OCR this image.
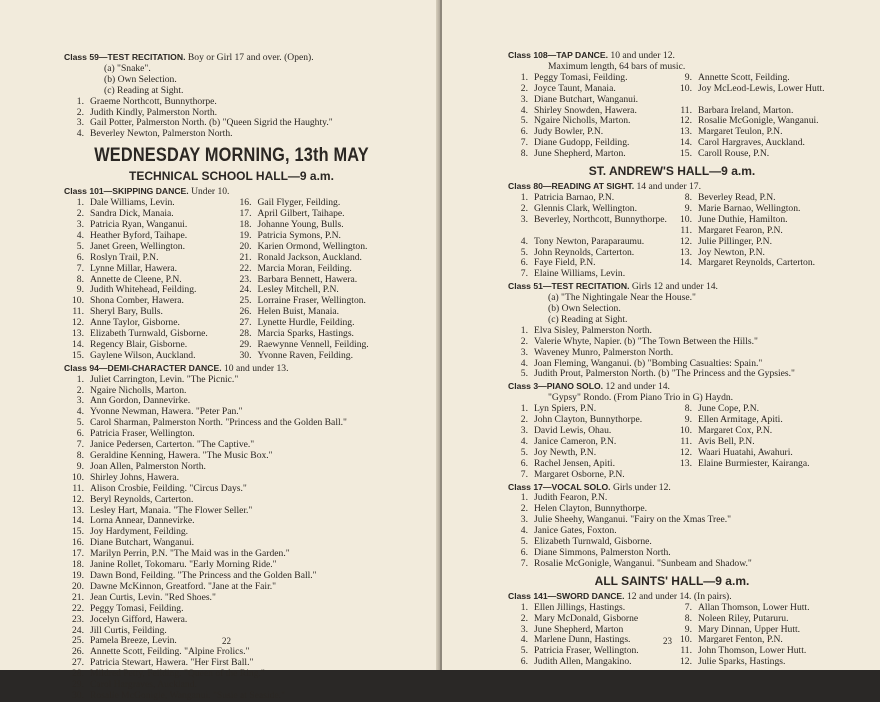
Class 59—TEST RECITATION. Boy or Girl 17 and over. (Open).
(a) "Snake".
(b) Own Selection.
(c) Reading at Sight.
1. Graeme Northcott, Bunnythorpe.
2. Judith Kindly, Palmerston North.
3. Gail Potter, Palmerston North. (b) "Queen Sigrid the Haughty."
4. Beverley Newton, Palmerston North.
WEDNESDAY MORNING, 13th MAY
TECHNICAL SCHOOL HALL—9 a.m.
Class 101—SKIPPING DANCE. Under 10.
1. Dale Williams, Levin.	16. Gail Flyger, Feilding.
2. Sandra Dick, Manaia.	17. April Gilbert, Taihape.
3. Patricia Ryan, Wanganui.	18. Johanne Young, Bulls.
4. Heather Byford, Taihape.	19. Patricia Symons, P.N.
5. Janet Green, Wellington.	20. Karien Ormond, Wellington.
6. Roslyn Trail, P.N.	21. Ronald Jackson, Auckland.
7. Lynne Millar, Hawera.	22. Marcia Moran, Feilding.
8. Annette de Cleene, P.N.	23. Barbara Bennett, Hawera.
9. Judith Whitehead, Feilding.	24. Lesley Mitchell, P.N.
10. Shona Comber, Hawera.	25. Lorraine Fraser, Wellington.
11. Sheryl Bary, Bulls.	26. Helen Buist, Manaia.
12. Anne Taylor, Gisborne.	27. Lynette Hurdle, Feilding.
13. Elizabeth Turnwald, Gisborne.	28. Marcia Sparks, Hastings.
14. Regency Blair, Gisborne.	29. Raewynne Vennell, Feilding.
15. Gaylene Wilson, Auckland.	30. Yvonne Raven, Feilding.
Class 94—DEMI-CHARACTER DANCE. 10 and under 13.
1. Juliet Carrington, Levin. "The Picnic."
2. Ngaire Nicholls, Marton.
3. Ann Gordon, Dannevirke.
4. Yvonne Newman, Hawera. "Peter Pan."
5. Carol Sharman, Palmerston North. "Princess and the Golden Ball."
6. Patricia Fraser, Wellington.
7. Janice Pedersen, Carterton. "The Captive."
8. Geraldine Kenning, Hawera. "The Music Box."
9. Joan Allen, Palmerston North.
10. Shirley Johns, Hawera.
11. Alison Crosbie, Feilding. "Circus Days."
12. Beryl Reynolds, Carterton.
13. Lesley Hart, Manaia. "The Flower Seller."
14. Lorna Annear, Dannevirke.
15. Joy Hardyment, Feilding.
16. Diane Butchart, Wanganui.
17. Marilyn Perrin, P.N. "The Maid was in the Garden."
18. Janine Rollet, Tokomaru. "Early Morning Ride."
19. Dawn Bond, Feilding. "The Princess and the Golden Ball."
20. Dawne McKinnon, Greatford. "Jane at the Fair."
21. Jean Curtis, Levin. "Red Shoes."
22. Peggy Tomasi, Feilding.
23. Jocelyn Gifford, Hawera.
24. Jill Curtis, Feilding.
25. Pamela Breeze, Levin.
26. Annette Scott, Feilding. "Alpine Frolics."
27. Patricia Stewart, Hawera. "Her First Ball."
28. Mildred Petty, Feilding. "Queen of the Ring."
29. Carol Hargraves, Auckland.
30. Rosalie McGonigle, Wanganui. "Susie at Seaside."
22
Class 108—TAP DANCE. 10 and under 12.
Maximum length, 64 bars of music.
1. Peggy Tomasi, Feilding.	9. Annette Scott, Feilding.
2. Joyce Taunt, Manaia.	10. Joy McLeod-Lewis, Lower Hutt.
3. Diane Butchart, Wanganui.
4. Shirley Snowden, Hawera.	11. Barbara Ireland, Marton.
5. Ngaire Nicholls, Marton.	12. Rosalie McGonigle, Wanganui.
6. Judy Bowler, P.N.	13. Margaret Teulon, P.N.
7. Diane Gudopp, Feilding.	14. Carol Hargraves, Auckland.
8. June Shepherd, Marton.	15. Caroll Rouse, P.N.
ST. ANDREW'S HALL—9 a.m.
Class 80—READING AT SIGHT. 14 and under 17.
1. Patricia Barnao, P.N.	8. Beverley Read, P.N.
2. Glennis Clark, Wellington.	9. Marie Barnao, Wellington.
3. Beverley, Northcott, Bunnythorpe.	10. June Duthie, Hamilton.
11. Margaret Fearon, P.N.
4. Tony Newton, Paraparaumu.	12. Julie Pillinger, P.N.
5. John Reynolds, Carterton.	13. Joy Newton, P.N.
6. Faye Field, P.N.	14. Margaret Reynolds, Carterton.
7. Elaine Williams, Levin.
Class 51—TEST RECITATION. Girls 12 and under 14.
(a) "The Nightingale Near the House."
(b) Own Selection.
(c) Reading at Sight.
1. Elva Sisley, Palmerston North.
2. Valerie Whyte, Napier. (b) "The Town Between the Hills."
3. Waveney Munro, Palmerston North.
4. Joan Fleming, Wanganui. (b) "Bombing Casualties: Spain."
5. Judith Prout, Palmerston North. (b) "The Princess and the Gypsies."
Class 3—PIANO SOLO. 12 and under 14.
"Gypsy" Rondo. (From Piano Trio in G) Haydn.
1. Lyn Spiers, P.N.	8. June Cope, P.N.
2. John Clayton, Bunnythorpe.	9. Ellen Armitage, Apiti.
3. David Lewis, Ohau.	10. Margaret Cox, P.N.
4. Janice Cameron, P.N.	11. Avis Bell, P.N.
5. Joy Newth, P.N.	12. Waari Huatahi, Awahuri.
6. Rachel Jensen, Apiti.	13. Elaine Burmiester, Kairanga.
7. Margaret Osborne, P.N.
Class 17—VOCAL SOLO. Girls under 12.
1. Judith Fearon, P.N.
2. Helen Clayton, Bunnythorpe.
3. Julie Sheehy, Wanganui. "Fairy on the Xmas Tree."
4. Janice Gates, Foxton.
5. Elizabeth Turnwald, Gisborne.
6. Diane Simmons, Palmerston North.
7. Rosalie McGonigle, Wanganui. "Sunbeam and Shadow."
ALL SAINTS' HALL—9 a.m.
Class 141—SWORD DANCE. 12 and under 14. (In pairs).
1. Ellen Jillings, Hastings.	7. Allan Thomson, Lower Hutt.
2. Mary McDonald, Gisborne	8. Noleen Riley, Putaruru.
3. June Shepherd, Marton	9. Mary Dinnan, Upper Hutt.
4. Marlene Dunn, Hastings.	10. Margaret Fenton, P.N.
5. Patricia Fraser, Wellington.	11. John Thomson, Lower Hutt.
6. Judith Allen, Mangakino.	12. Julie Sparks, Hastings.
23
